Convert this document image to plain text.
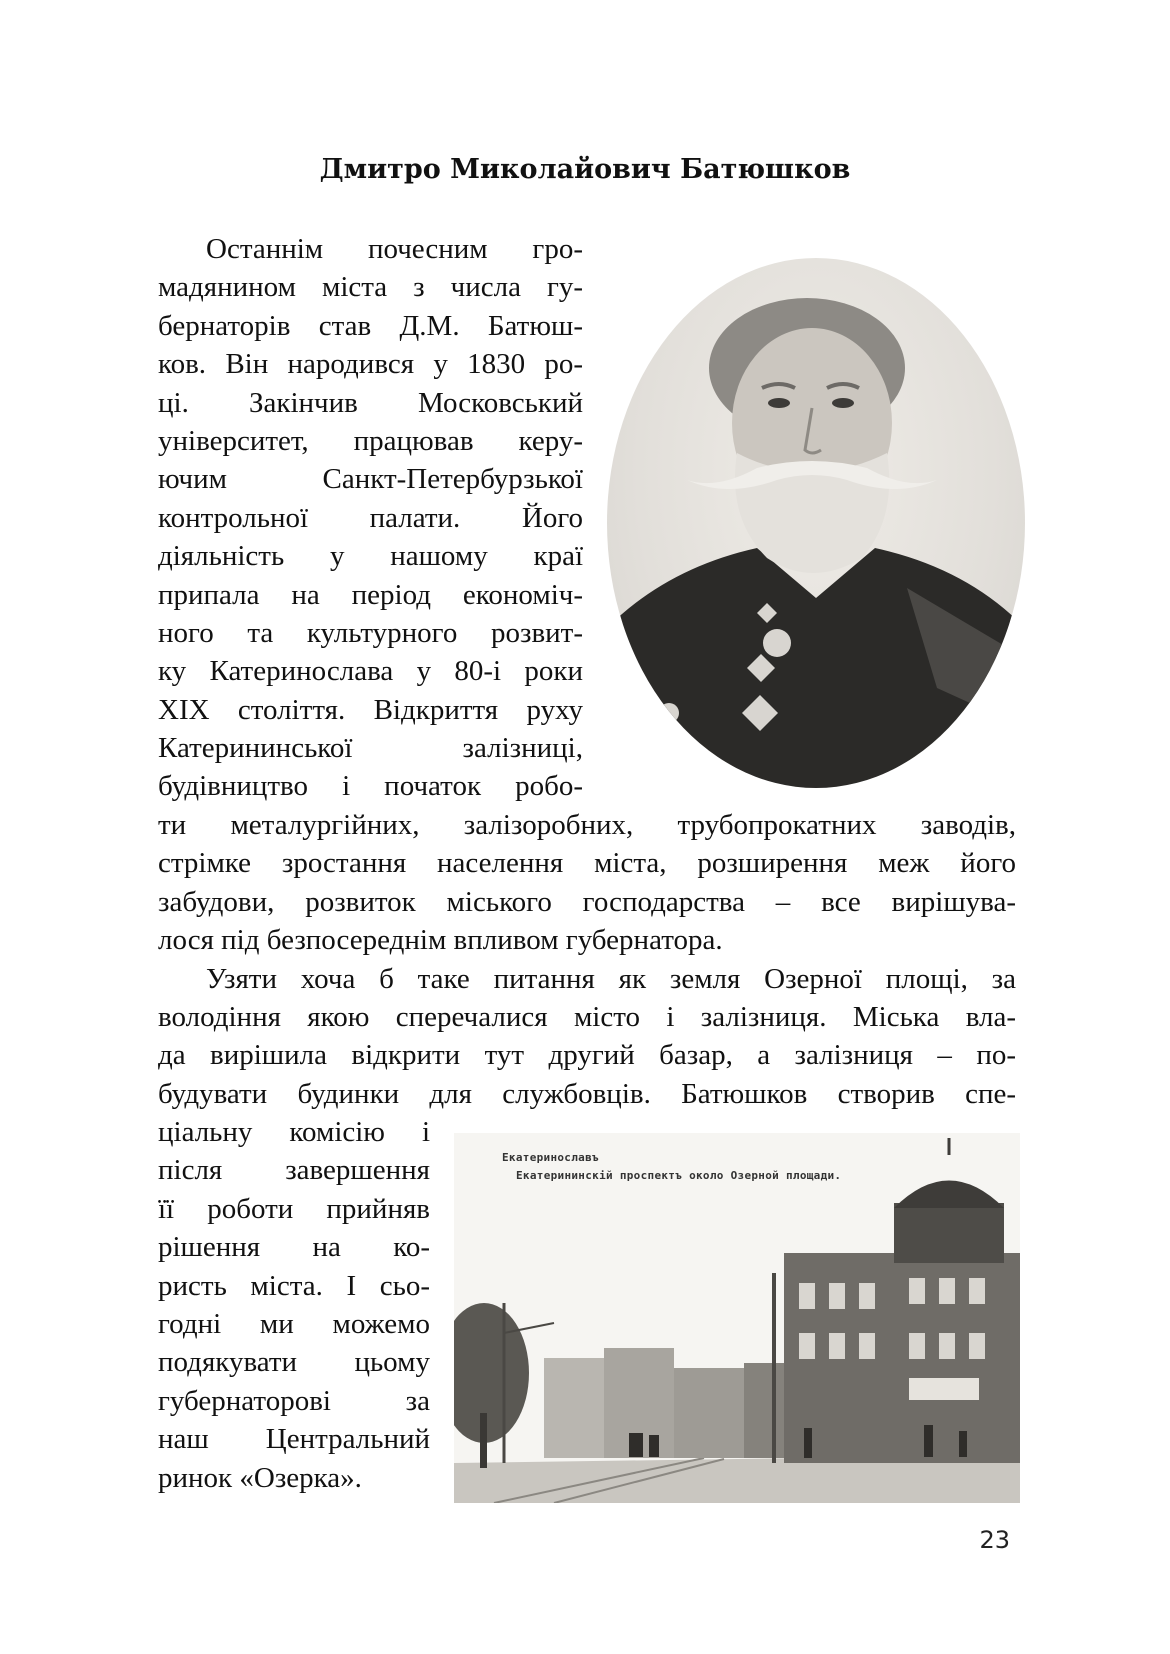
Дмитро Миколайович Батюшков
Останнім почесним гро-
мадянином міста з числа гу-
бернаторів став Д.М. Батюш-
ков. Він народився у 1830 ро-
ці. Закінчив Московський
університет, працював керу-
ючим Санкт-Петербурзької
контрольної палати. Його
діяльність у нашому краї
припала на період економіч-
ного та культурного розвит-
ку Катеринослава у 80-і роки
XIX століття. Відкриття руху
Катерининської залізниці,
будівництво і початок робо-
ти металургійних, залізоробних, трубопрокатних заводів,
стрімке зростання населення міста, розширення меж його
забудови, розвиток міського господарства – все вирішува-
лося під безпосереднім впливом губернатора.
Узяти хоча б таке питання як земля Озерної площі, за
володіння якою сперечалися місто і залізниця. Міська вла-
да вирішила відкрити тут другий базар, а залізниця – по-
будувати будинки для службовців. Батюшков створив спе-
ціальну комісію і
після завершення
її роботи прийняв
рішення на ко-
ристь міста. І сьо-
годні ми можемо
подякувати цьому
губернаторові за
наш Центральний
ринок «Озерка».
Екатеринославъ
Екатерининскій проспектъ около Озерной площади.
23
